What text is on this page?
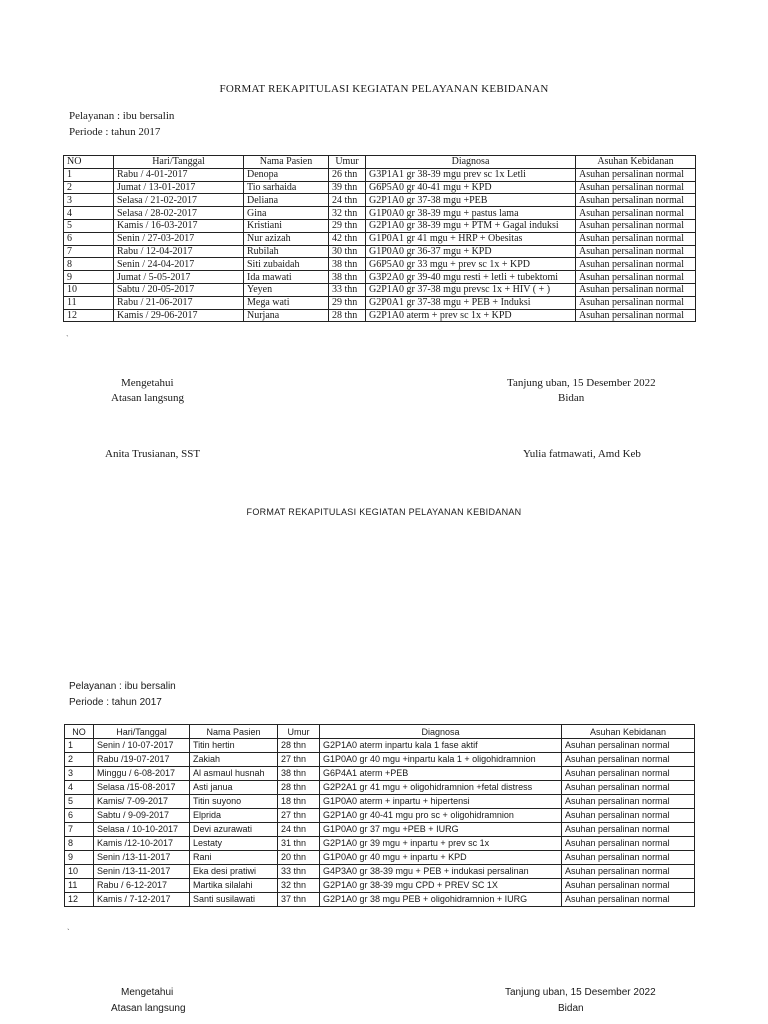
FORMAT REKAPITULASI KEGIATAN PELAYANAN KEBIDANAN
Pelayanan : ibu bersalin
Periode : tahun 2017
NO	Hari/Tanggal	Nama Pasien	Umur	Diagnosa	Asuhan Kebidanan
1	Rabu / 4-01-2017	Denopa	26 thn	G3P1A1 gr 38-39 mgu prev sc 1x Letli	Asuhan persalinan normal
2	Jumat / 13-01-2017	Tio sarhaida	39 thn	G6P5A0 gr 40-41 mgu + KPD	Asuhan persalinan normal
3	Selasa / 21-02-2017	Deliana	24 thn	G2P1A0 gr 37-38 mgu +PEB	Asuhan persalinan normal
4	Selasa / 28-02-2017	Gina	32 thn	G1P0A0 gr 38-39 mgu + pastus lama	Asuhan persalinan normal
5	Kamis / 16-03-2017	Kristiani	29 thn	G2P1A0 gr 38-39 mgu + PTM + Gagal induksi	Asuhan persalinan normal
6	Senin / 27-03-2017	Nur azizah	42 thn	G1P0A1 gr 41 mgu + HRP + Obesitas	Asuhan persalinan normal
7	Rabu / 12-04-2017	Rubilah	30 thn	G1P0A0 gr 36-37 mgu + KPD	Asuhan persalinan normal
8	Senin / 24-04-2017	Siti zubaidah	38 thn	G6P5A0 gr 33 mgu + prev sc 1x + KPD	Asuhan persalinan normal
9	Jumat / 5-05-2017	Ida mawati	38 thn	G3P2A0 gr 39-40 mgu resti + letli + tubektomi	Asuhan persalinan normal
10	Sabtu / 20-05-2017	Yeyen	33 thn	G2P1A0 gr 37-38 mgu prevsc 1x + HIV ( + )	Asuhan persalinan normal
11	Rabu / 21-06-2017	Mega wati	29 thn	G2P0A1 gr 37-38 mgu + PEB + Induksi	Asuhan persalinan normal
12	Kamis / 29-06-2017	Nurjana	28 thn	G2P1A0 aterm + prev sc 1x + KPD	Asuhan persalinan normal
`
Mengetahui
Atasan langsung
Tanjung uban, 15 Desember 2022
Bidan
Anita Trusianan, SST	Yulia fatmawati, Amd Keb
FORMAT REKAPITULASI KEGIATAN PELAYANAN KEBIDANAN
Pelayanan : ibu bersalin
Periode : tahun 2017
NO	Hari/Tanggal	Nama Pasien	Umur	Diagnosa	Asuhan Kebidanan
1	Senin / 10-07-2017	Titin hertin	28 thn	G2P1A0 aterm inpartu kala 1 fase aktif	Asuhan persalinan normal
2	Rabu /19-07-2017	Zakiah	27 thn	G1P0A0 gr 40 mgu +inpartu kala 1 + oligohidramnion	Asuhan persalinan normal
3	Minggu / 6-08-2017	Al asmaul husnah	38 thn	G6P4A1 aterm +PEB	Asuhan persalinan normal
4	Selasa /15-08-2017	Asti janua	28 thn	G2P2A1 gr 41 mgu + oligohidramnion +fetal distress	Asuhan persalinan normal
5	Kamis/ 7-09-2017	Titin suyono	18 thn	G1P0A0 aterm + inpartu + hipertensi	Asuhan persalinan normal
6	Sabtu / 9-09-2017	Elprida	27 thn	G2P1A0 gr 40-41 mgu pro sc + oligohidramnion	Asuhan persalinan normal
7	Selasa / 10-10-2017	Devi azurawati	24 thn	G1P0A0 gr 37 mgu +PEB + IURG	Asuhan persalinan normal
8	Kamis /12-10-2017	Lestaty	31 thn	G2P1A0 gr 39 mgu + inpartu + prev sc 1x	Asuhan persalinan normal
9	Senin /13-11-2017	Rani	20 thn	G1P0A0 gr 40 mgu + inpartu + KPD	Asuhan persalinan normal
10	Senin /13-11-2017	Eka desi pratiwi	33 thn	G4P3A0 gr 38-39 mgu + PEB + indukasi persalinan	Asuhan persalinan normal
11	Rabu / 6-12-2017	Martika silalahi	32 thn	G2P1A0 gr 38-39 mgu CPD + PREV SC 1X	Asuhan persalinan normal
12	Kamis / 7-12-2017	Santi susilawati	37 thn	G2P1A0 gr 38 mgu PEB + oligohidramnion + IURG	Asuhan persalinan normal
`
Mengetahui
Atasan langsung
Tanjung uban, 15 Desember 2022
Bidan
